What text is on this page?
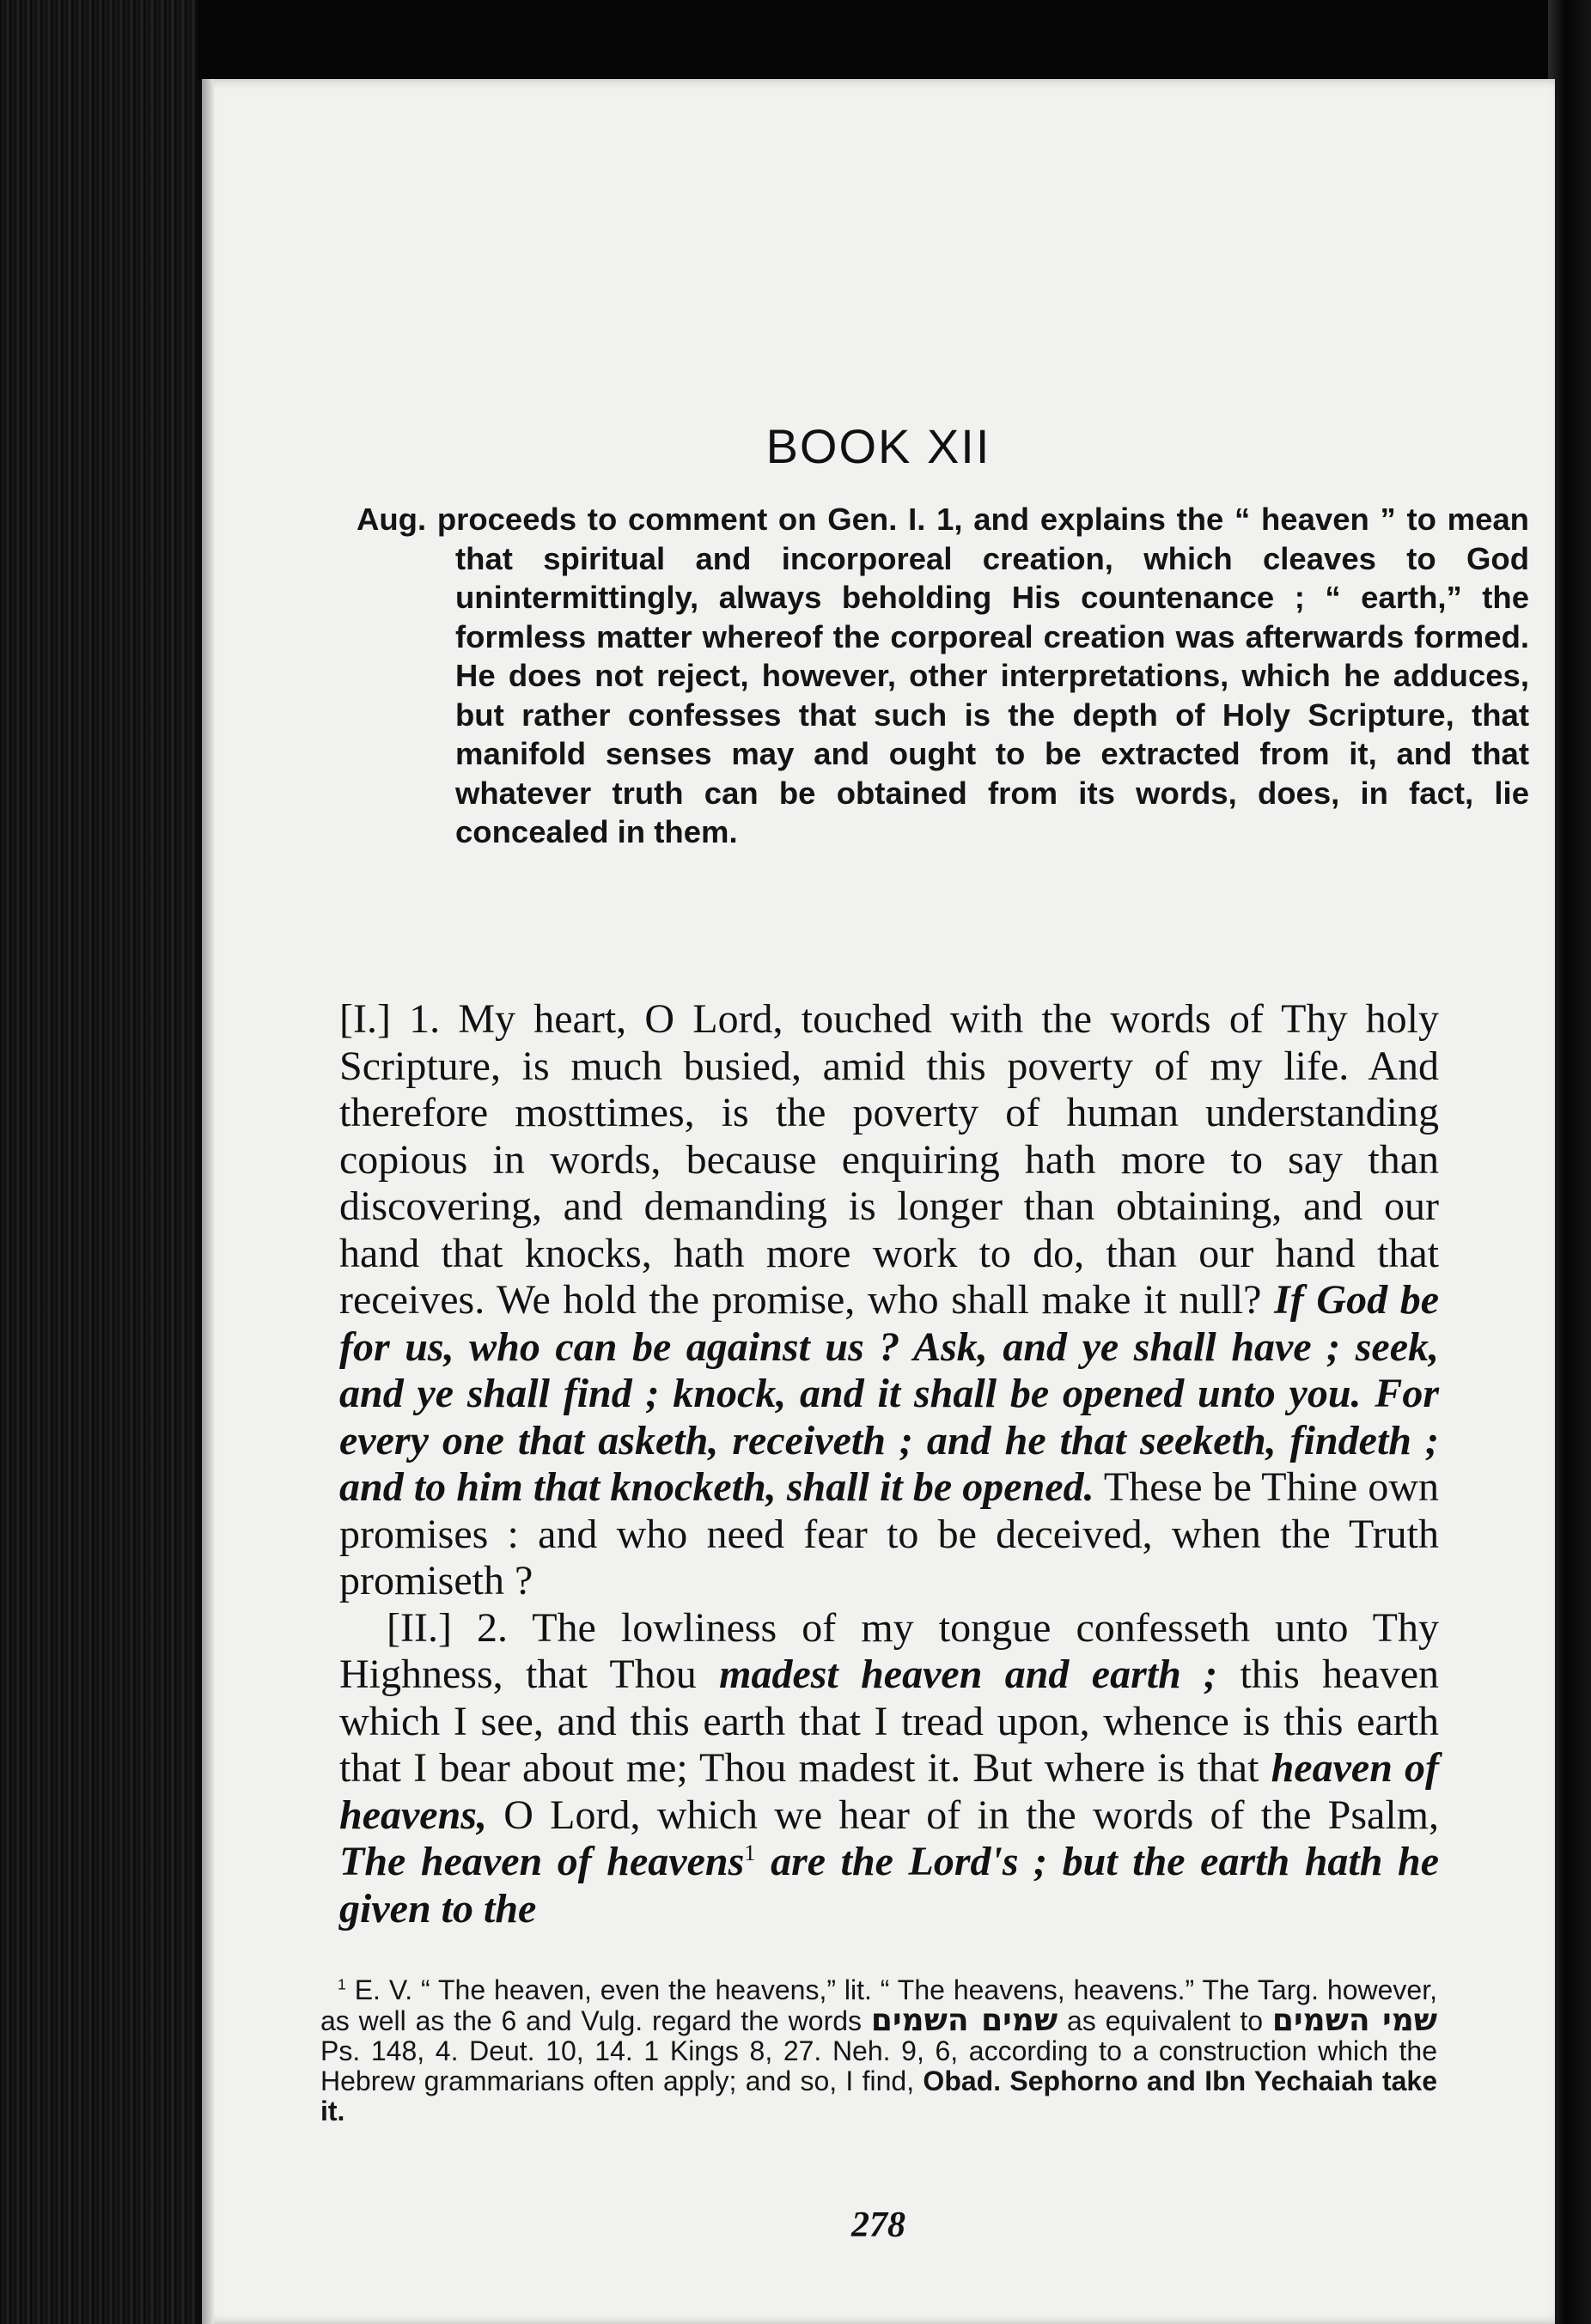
BOOK XII
Aug. proceeds to comment on Gen. I. 1, and explains the “ heaven ” to mean that spiritual and incorporeal creation, which cleaves to God unintermittingly, always beholding His countenance ; “ earth,” the formless matter whereof the corporeal creation was afterwards formed. He does not reject, however, other interpretations, which he adduces, but rather confesses that such is the depth of Holy Scripture, that manifold senses may and ought to be extracted from it, and that whatever truth can be obtained from its words, does, in fact, lie concealed in them.

[I.] 1. My heart, O Lord, touched with the words of Thy holy Scripture, is much busied, amid this poverty of my life. And therefore mosttimes, is the poverty of human understanding copious in words, because enquiring hath more to say than discovering, and demanding is longer than obtaining, and our hand that knocks, hath more work to do, than our hand that receives. We hold the promise, who shall make it null? If God be for us, who can be against us ? Ask, and ye shall have ; seek, and ye shall find ; knock, and it shall be opened unto you. For every one that asketh, receiveth ; and he that seeketh, findeth ; and to him that knocketh, shall it be opened. These be Thine own promises : and who need fear to be deceived, when the Truth promiseth ?

[II.] 2. The lowliness of my tongue confesseth unto Thy Highness, that Thou madest heaven and earth ; this heaven which I see, and this earth that I tread upon, whence is this earth that I bear about me; Thou madest it. But where is that heaven of heavens, O Lord, which we hear of in the words of the Psalm, The heaven of heavens$^1$ are the Lord's ; but the earth hath he given to the

$^1$ E. V. “ The heaven, even the heavens,” lit. “ The heavens, heavens.” The Targ. however, as well as the 6 and Vulg. regard the words שמים השמים as equivalent to שמי השמים Ps. 148, 4. Deut. 10, 14. 1 Kings 8, 27. Neh. 9, 6, according to a construction which the Hebrew grammarians often apply; and so, I find, Obad. Sephorno and Ibn Yechaiah take it.

278
